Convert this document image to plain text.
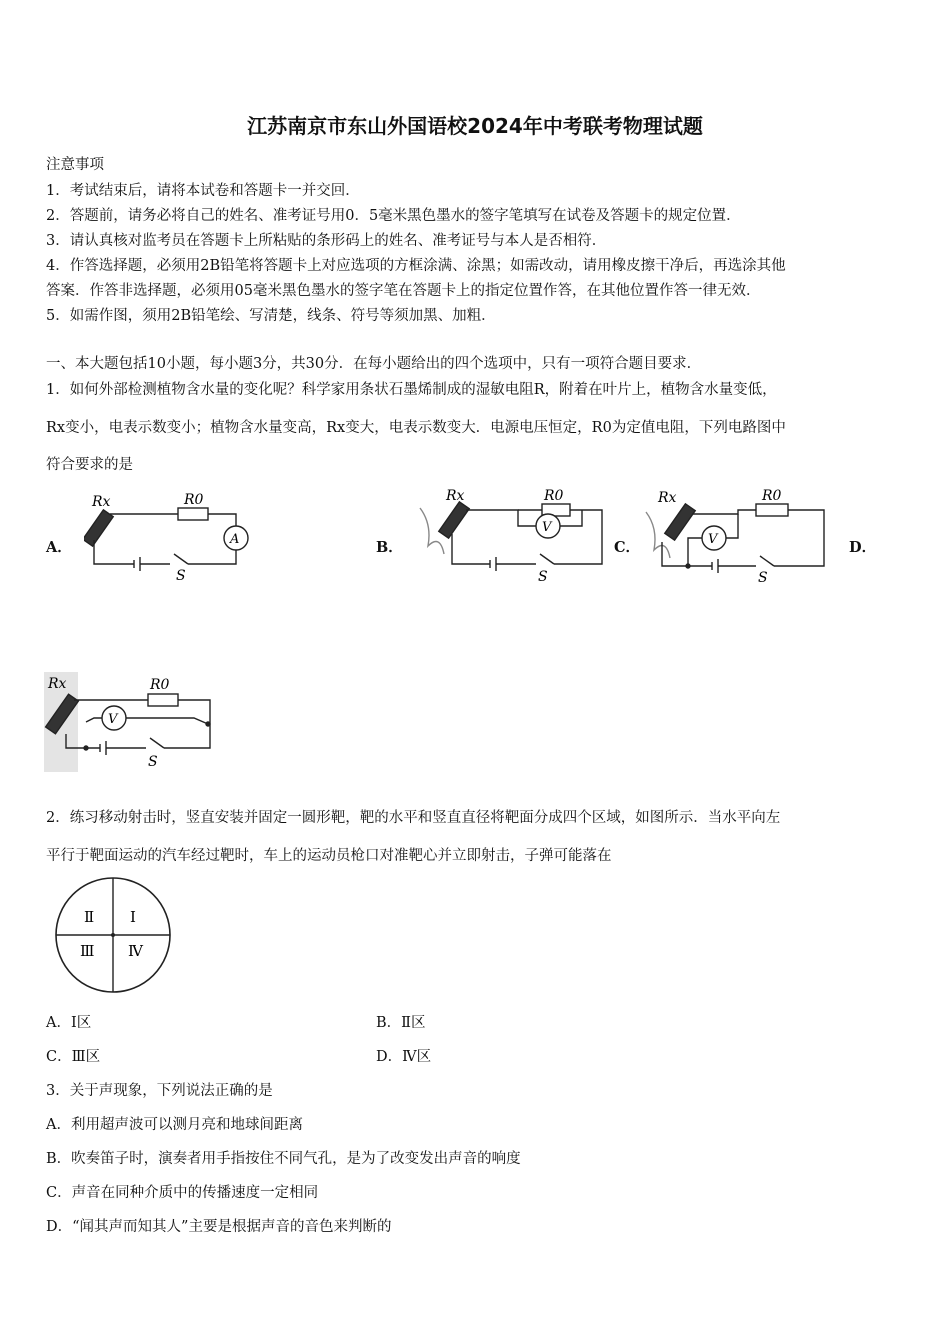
江苏南京市东山外国语校2024年中考联考物理试题
注意事项
1．考试结束后，请将本试卷和答题卡一并交回．
2．答题前，请务必将自己的姓名、准考证号用0．5毫米黑色墨水的签字笔填写在试卷及答题卡的规定位置．
3．请认真核对监考员在答题卡上所粘贴的条形码上的姓名、准考证号与本人是否相符．
4．作答选择题，必须用2B铅笔将答题卡上对应选项的方框涂满、涂黑；如需改动，请用橡皮擦干净后，再选涂其他
答案．作答非选择题，必须用05毫米黑色墨水的签字笔在答题卡上的指定位置作答，在其他位置作答一律无效．
5．如需作图，须用2B铅笔绘、写清楚，线条、符号等须加黑、加粗．
一、本大题包括10小题，每小题3分，共30分．在每小题给出的四个选项中，只有一项符合题目要求．
1．如何外部检测植物含水量的变化呢？科学家用条状石墨烯制成的湿敏电阻R，附着在叶片上，植物含水量变低，
Rx变小，电表示数变小；植物含水量变高，Rx变大，电表示数变大．电源电压恒定，R0为定值电阻，下列电路图中
符合要求的是
A．	B．	C．	D．
Rx	R0
A
S
Rx	R0
V
S
Rx	R0
V
S
Rx	R0
V
S
2．练习移动射击时，竖直安装并固定一圆形靶，靶的水平和竖直直径将靶面分成四个区域，如图所示．当水平向左
平行于靶面运动的汽车经过靶时，车上的运动员枪口对准靶心并立即射击，子弹可能落在
Ⅱ Ⅰ
Ⅲ Ⅳ
A．Ⅰ区	B．Ⅱ区
C．Ⅲ区	D．Ⅳ区
3．关于声现象，下列说法正确的是
A．利用超声波可以测月亮和地球间距离
B．吹奏笛子时，演奏者用手指按住不同气孔，是为了改变发出声音的响度
C．声音在同种介质中的传播速度一定相同
D．“闻其声而知其人”主要是根据声音的音色来判断的
